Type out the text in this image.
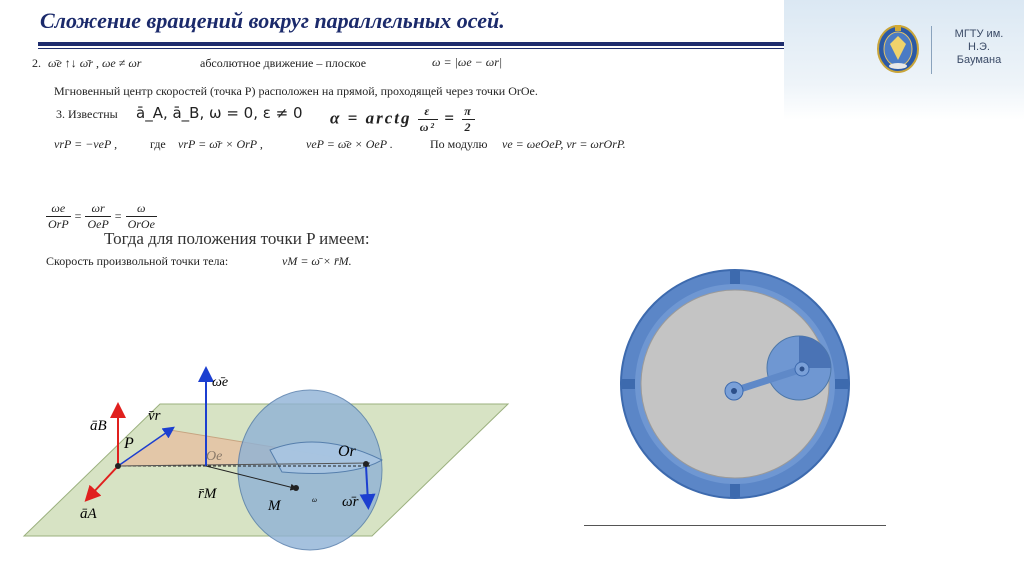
Сложение вращений вокруг параллельных осей.
МГТУ им.
Н.Э.
Баумана
2. ω̄e ↑↓ ω̄r , ωe ≠ ωr	абсолютное движение – плоское	ω = |ωe − ωr|
Мгновенный центр скоростей (точка P) расположен на прямой, проходящей через точки OrOe.
3. Известны ā_A, ā_B, ω = 0, ε ≠ 0 α = arctg $\frac{\varepsilon}{\text{ω²}} = \frac{\pi}{2}$
vrP = −veP ,	где vrP = ω̄r × OrP ,	veP = ω̄e × OeP .	По модулю ve = ωeOeP, vr = ωrOrP.
$\frac{\omega e}{\text{OrP}} = \frac{\omega r}{\text{OeP}} = \frac{\omega}{\text{OrOe}}$
Тогда для положения точки P имеем:
Скорость произвольной точки тела:	vM = ω̄ × r̄M.
ω̄e
v̄r
āB
P
Oe	Or
r̄M
M	ω ω̄r
āA
